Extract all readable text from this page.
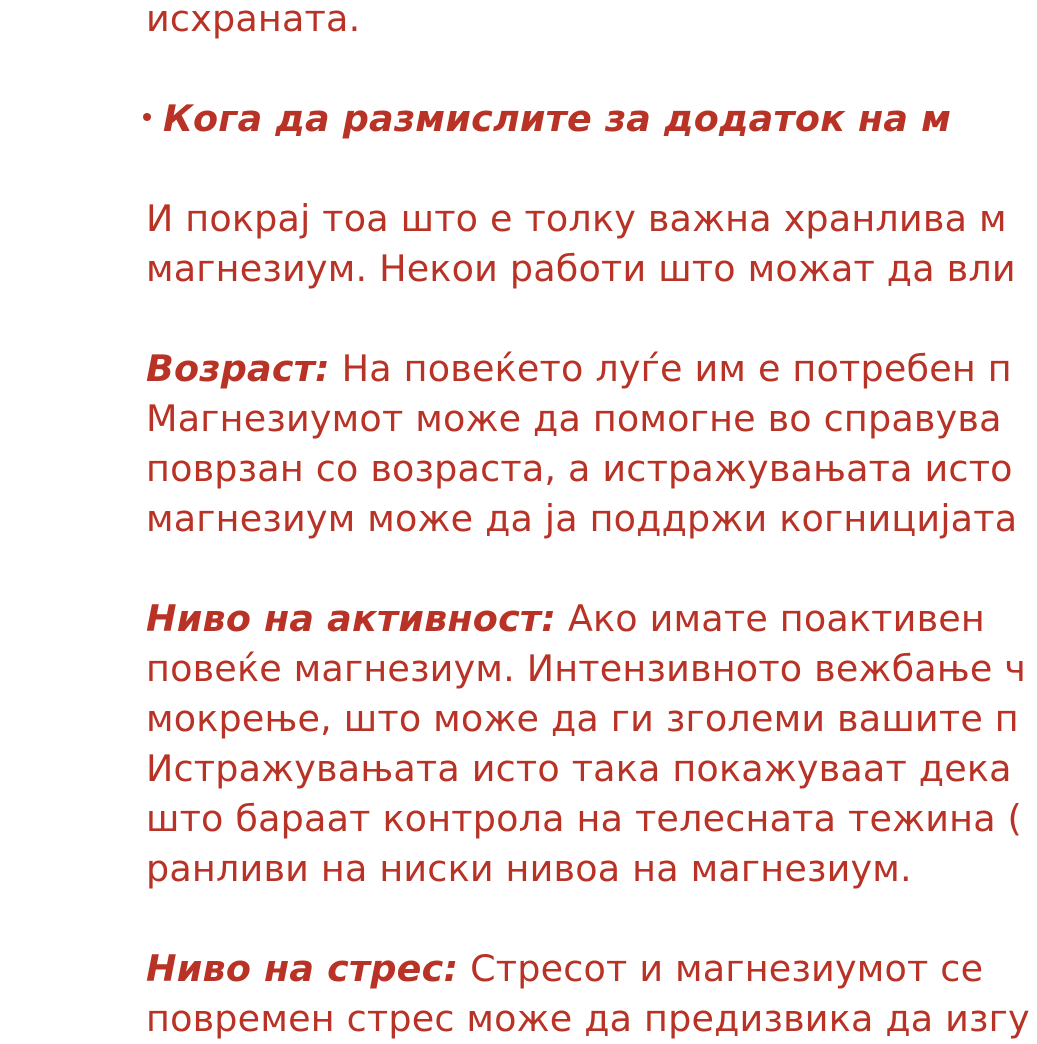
исхраната.
Кога да размислите за додаток на м
И покрај тоа што е толку важна хранлива м
магнезиум. Некои работи што можат да вли
Возраст: На повеќето луѓе им е потребен п
Магнезиумот може да помогне во справува
поврзан со возраста, а истражувањата исто
магнезиум може да ја поддржи когницијата
Ниво на активност: Ако имате поактивен
повеќе магнезиум. Интензивното вежбање ч
мокрење, што може да ги зголеми вашите п
Истражувањата исто така покажуваат дека
што бараат контрола на телесната тежина (
ранливи на ниски нивоа на магнезиум.
Ниво на стрес: Стресот и магнезиумот се
повремен стрес може да предизвика да изгу
